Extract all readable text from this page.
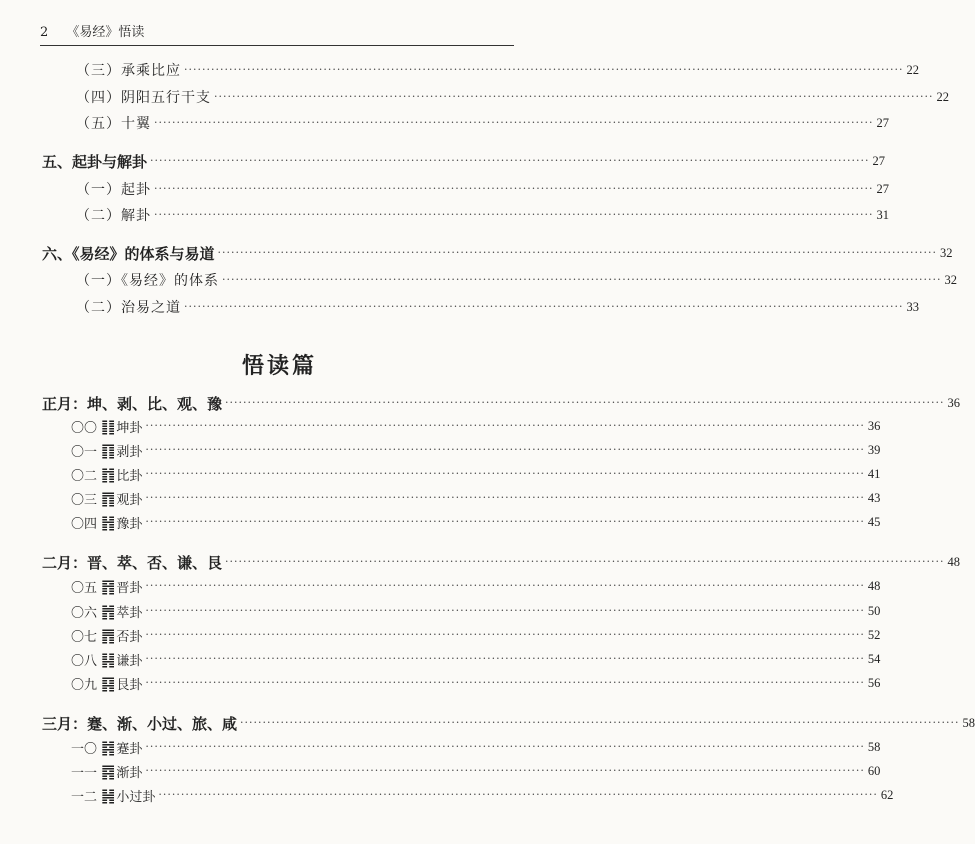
2 《易经》悟读
悟读篇
（三）承乘比应 ································································································································································ 22
（四）阴阳五行干支 ································································································································································ 22
（五）十翼 ································································································································································ 27
五、起卦与解卦 ································································································································································ 27
（一）起卦 ································································································································································ 27
（二）解卦 ································································································································································ 31
六、《易经》的体系与易道 ································································································································································ 32
（一）《易经》的体系 ································································································································································ 32
（二）治易之道 ································································································································································ 33
正月：坤、剥、比、观、豫 ································································································································································ 36
〇〇 ䷁坤卦 ································································································································································ 36
〇一 ䷖剥卦 ································································································································································ 39
〇二 ䷇比卦 ································································································································································ 41
〇三 ䷓观卦 ································································································································································ 43
〇四 ䷏豫卦 ································································································································································ 45
二月：晋、萃、否、谦、艮 ································································································································································ 48
〇五 ䷢晋卦 ································································································································································ 48
〇六 ䷬萃卦 ································································································································································ 50
〇七 ䷋否卦 ································································································································································ 52
〇八 ䷎谦卦 ································································································································································ 54
〇九 ䷳艮卦 ································································································································································ 56
三月：蹇、渐、小过、旅、咸 ································································································································································ 58
一〇 ䷦蹇卦 ································································································································································ 58
一一 ䷴渐卦 ································································································································································ 60
一二 ䷽小过卦 ································································································································································ 62
